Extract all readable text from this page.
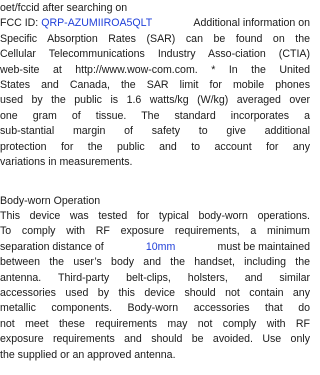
oet/fccid after searching on
FCC ID: QRP-AZUMIIROA5QLT	Additional information on
Specific Absorption Rates (SAR) can be found on the
Cellular Telecommunications Industry Asso-ciation (CTIA)
web-site at http://www.wow-com.com. * In the United
States and Canada, the SAR limit for mobile phones
used by the public is 1.6 watts/kg (W/kg) averaged over
one gram of tissue. The standard incorporates a
sub-stantial margin of safety to give additional
protection for the public and to account for any
variations in measurements.
Body-worn Operation
This device was tested for typical body-worn operations.
To comply with RF exposure requirements, a minimum
separation distance of	10mm	must be maintained
between the user’s body and the handset, including the
antenna. Third-party belt-clips, holsters, and similar
accessories used by this device should not contain any
metallic components. Body-worn accessories that do
not meet these requirements may not comply with RF
exposure requirements and should be avoided. Use only
the supplied or an approved antenna.
